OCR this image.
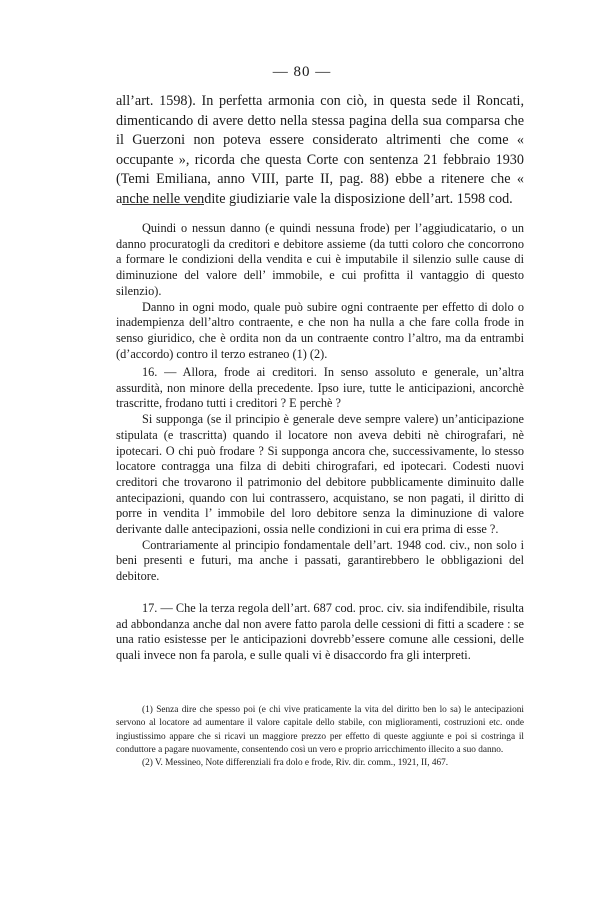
— 80 —

all’art. 1598). In perfetta armonia con ciò, in questa sede il Roncati, dimenticando di avere detto nella stessa pagina della sua comparsa che il Guerzoni non poteva essere considerato altrimenti che come « occupante », ricorda che questa Corte con sentenza 21 febbraio 1930 (Temi Emiliana, anno VIII, parte II, pag. 88) ebbe a ritenere che « anche nelle vendite giudiziarie vale la disposizione dell’art. 1598 cod.

Quindi o nessun danno (e quindi nessuna frode) per l’aggiudicatario, o un danno procuratogli da creditori e debitore assieme (da tutti coloro che concorrono a formare le condizioni della vendita e cui è imputabile il silenzio sulle cause di diminuzione del valore dell’ immobile, e cui profitta il vantaggio di questo silenzio).

Danno in ogni modo, quale può subire ogni contraente per effetto di dolo o inadempienza dell’altro contraente, e che non ha nulla a che fare colla frode in senso giuridico, che è ordita non da un contraente contro l’altro, ma da entrambi (d’accordo) contro il terzo estraneo (1) (2).

16. — Allora, frode ai creditori. In senso assoluto e generale, un’altra assurdità, non minore della precedente. Ipso iure, tutte le anticipazioni, ancorchè trascritte, frodano tutti i creditori ? E perchè ?

Si supponga (se il principio è generale deve sempre valere) un’anticipazione stipulata (e trascritta) quando il locatore non aveva debiti nè chirografari, nè ipotecari. O chi può frodare ? Si supponga ancora che, successivamente, lo stesso locatore contragga una filza di debiti chirografari, ed ipotecari. Codesti nuovi creditori che trovarono il patrimonio del debitore pubblicamente diminuito dalle antecipazioni, quando con lui contrassero, acquistano, se non pagati, il diritto di porre in vendita l’ immobile del loro debitore senza la diminuzione di valore derivante dalle antecipazioni, ossia nelle condizioni in cui era prima di esse ?.

Contrariamente al principio fondamentale dell’art. 1948 cod. civ., non solo i beni presenti e futuri, ma anche i passati, garantirebbero le obbligazioni del debitore.

17. — Che la terza regola dell’art. 687 cod. proc. civ. sia indifendibile, risulta ad abbondanza anche dal non avere fatto parola delle cessioni di fitti a scadere : se una ratio esistesse per le anticipazioni dovrebb’essere comune alle cessioni, delle quali invece non fa parola, e sulle quali vi è disaccordo fra gli interpreti.

(1) Senza dire che spesso poi (e chi vive praticamente la vita del diritto ben lo sa) le antecipazioni servono al locatore ad aumentare il valore capitale dello stabile, con miglioramenti, costruzioni etc. onde ingiustissimo appare che si ricavi un maggiore prezzo per effetto di queste aggiunte e poi si costringa il conduttore a pagare nuovamente, consentendo così un vero e proprio arricchimento illecito a suo danno.

(2) V. Messineo, Note differenziali fra dolo e frode, Riv. dir. comm., 1921, II, 467.
